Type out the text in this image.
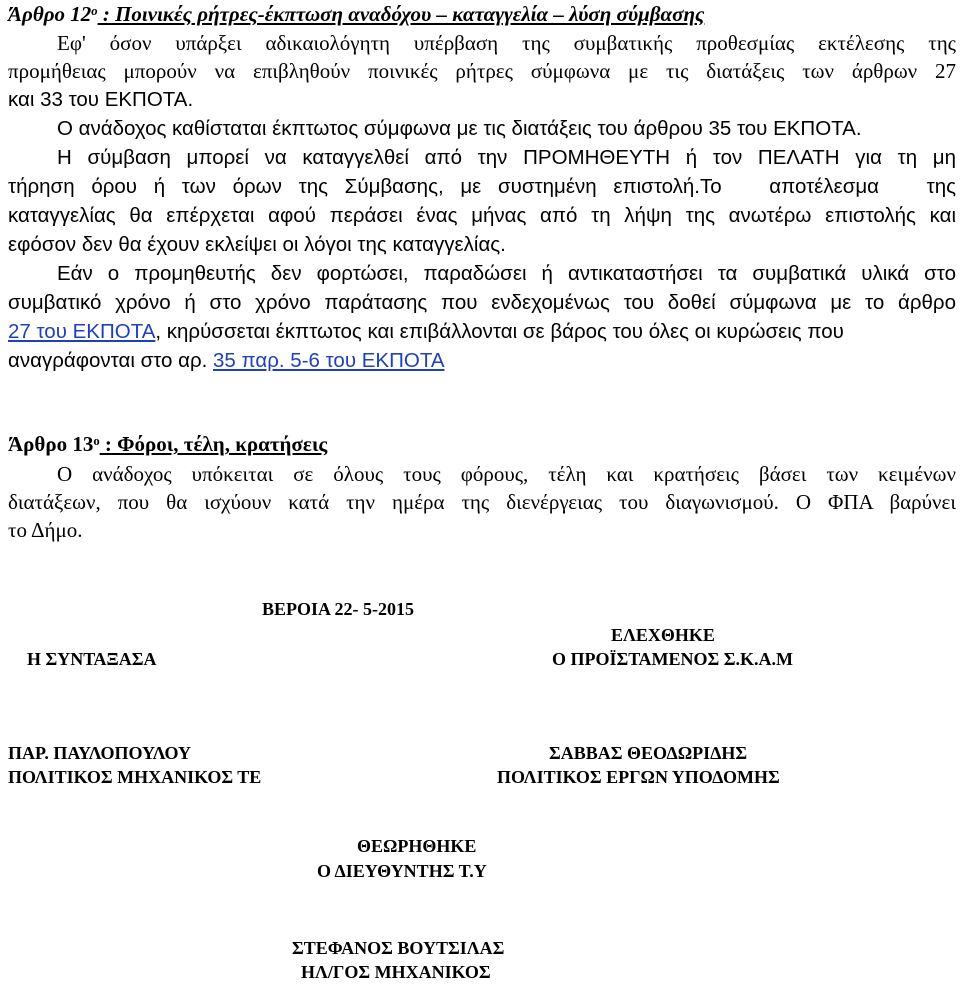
Άρθρο $12^o$ : Ποινικές ρήτρες-έκπτωση αναδόχου – καταγγελία – λύση σύμβασης
Εφ' όσον υπάρξει αδικαιολόγητη υπέρβαση της συμβατικής προθεσμίας εκτέλεσης της
προμήθειας μπορούν να επιβληθούν ποινικές ρήτρες σύμφωνα με τις διατάξεις των άρθρων 27
και 33 του ΕΚΠΟΤΑ.
Ο ανάδοχος καθίσταται έκπτωτος σύμφωνα με τις διατάξεις του άρθρου 35 του ΕΚΠΟΤΑ.
Η σύμβαση μπορεί να καταγγελθεί από την ΠΡΟΜΗΘΕΥΤΗ ή τον ΠΕΛΑΤΗ για τη μη
τήρηση όρου ή των όρων της Σύμβασης, με συστημένη επιστολή.Το αποτέλεσμα της
καταγγελίας θα επέρχεται αφού περάσει ένας μήνας από τη λήψη της ανωτέρω επιστολής και
εφόσον δεν θα έχουν εκλείψει οι λόγοι της καταγγελίας.
Εάν ο προμηθευτής δεν φορτώσει, παραδώσει ή αντικαταστήσει τα συμβατικά υλικά στο
συμβατικό χρόνο ή στο χρόνο παράτασης που ενδεχομένως του δοθεί σύμφωνα με το άρθρο
27 του ΕΚΠΟΤΑ, κηρύσσεται έκπτωτος και επιβάλλονται σε βάρος του όλες οι κυρώσεις που
αναγράφονται στο αρ. 35 παρ. 5-6 του ΕΚΠΟΤΑ
Άρθρο $13^o$ : Φόροι, τέλη, κρατήσεις
Ο ανάδοχος υπόκειται σε όλους τους φόρους, τέλη και κρατήσεις βάσει των κειμένων
διατάξεων, που θα ισχύουν κατά την ημέρα της διενέργειας του διαγωνισμού. Ο ΦΠΑ βαρύνει
το Δήμο.
ΒΕΡΟΙΑ 22- 5-2015
ΕΛΕΧΘΗΚΕ
Η ΣΥΝΤΑΞΑΣΑ	Ο ΠΡΟΪΣΤΑΜΕΝΟΣ Σ.Κ.Α.Μ
ΠΑΡ. ΠΑΥΛΟΠΟΥΛΟΥ
ΠΟΛΙΤΙΚΟΣ ΜΗΧΑΝΙΚΟΣ ΤΕ
ΣΑΒΒΑΣ ΘΕΟΔΩΡΙΔΗΣ
ΠΟΛΙΤΙΚΟΣ ΕΡΓΩΝ ΥΠΟΔΟΜΗΣ
ΘΕΩΡΗΘΗΚΕ
Ο ΔΙΕΥΘΥΝΤΗΣ Τ.Υ
ΣΤΕΦΑΝΟΣ ΒΟΥΤΣΙΛΑΣ
ΗΛ/ΓΟΣ ΜΗΧΑΝΙΚΟΣ
